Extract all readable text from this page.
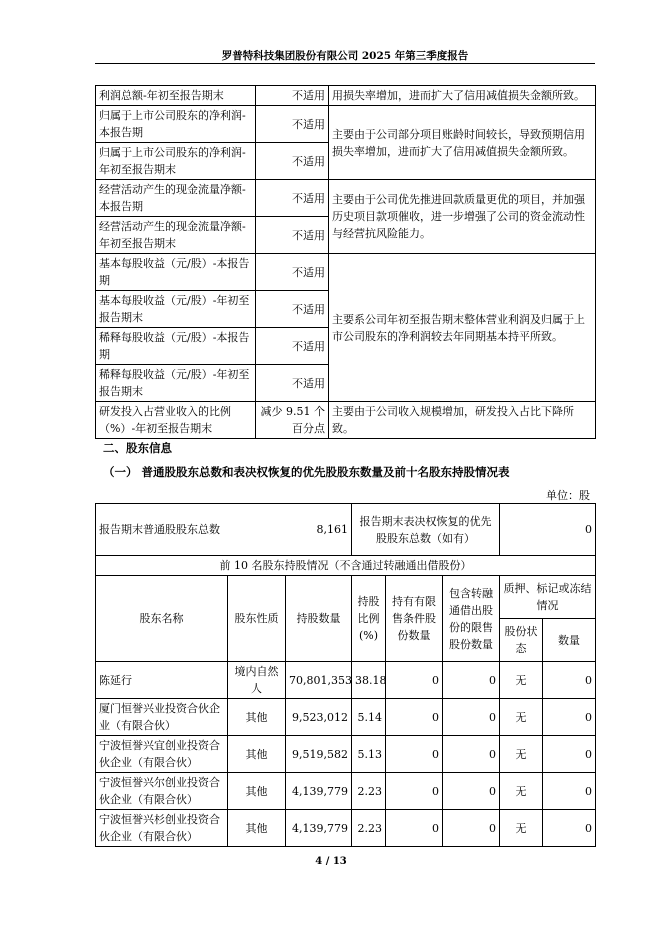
罗普特科技集团股份有限公司 2025 年第三季度报告
利润总额-年初至报告期末	不适用	用损失率增加，进而扩大了信用减值损失金额所致。
归属于上市公司股东的净利润-本报告期	不适用	主要由于公司部分项目账龄时间较长，导致预期信用损失率增加，进而扩大了信用减值损失金额所致。
归属于上市公司股东的净利润-年初至报告期末	不适用	
经营活动产生的现金流量净额-本报告期	不适用	主要由于公司优先推进回款质量更优的项目，并加强历史项目款项催收，进一步增强了公司的资金流动性与经营抗风险能力。
经营活动产生的现金流量净额-年初至报告期末	不适用	
基本每股收益（元/股）-本报告期	不适用	主要系公司年初至报告期末整体营业利润及归属于上市公司股东的净利润较去年同期基本持平所致。
基本每股收益（元/股）-年初至报告期末	不适用	
稀释每股收益（元/股）-本报告期	不适用	
稀释每股收益（元/股）-年初至报告期末	不适用	
研发投入占营业收入的比例（%）-年初至报告期末	减少 9.51 个百分点	主要由于公司收入规模增加，研发投入占比下降所致。
二、股东信息
（一） 普通股股东总数和表决权恢复的优先股股东数量及前十名股东持股情况表
单位：股
报告期末普通股股东总数 8,161			报告期末表决权恢复的优先股股东总数（如有）			0	
前 10 名股东持股情况（不含通过转融通出借股份）							
股东名称	股东性质	持股数量	持股比例(%)	持有有限售条件股份数量	包含转融通借出股份的限售股份数量	质押、标记或冻结情况	
						股份状态	数量
陈延行	境内自然人	70,801,353	38.18	0	0	无	0
厦门恒誉兴业投资合伙企业（有限合伙）	其他	9,523,012	5.14	0	0	无	0
宁波恒誉兴宜创业投资合伙企业（有限合伙）	其他	9,519,582	5.13	0	0	无	0
宁波恒誉兴尔创业投资合伙企业（有限合伙）	其他	4,139,779	2.23	0	0	无	0
宁波恒誉兴杉创业投资合伙企业（有限合伙）	其他	4,139,779	2.23	0	0	无	0
4 / 13
